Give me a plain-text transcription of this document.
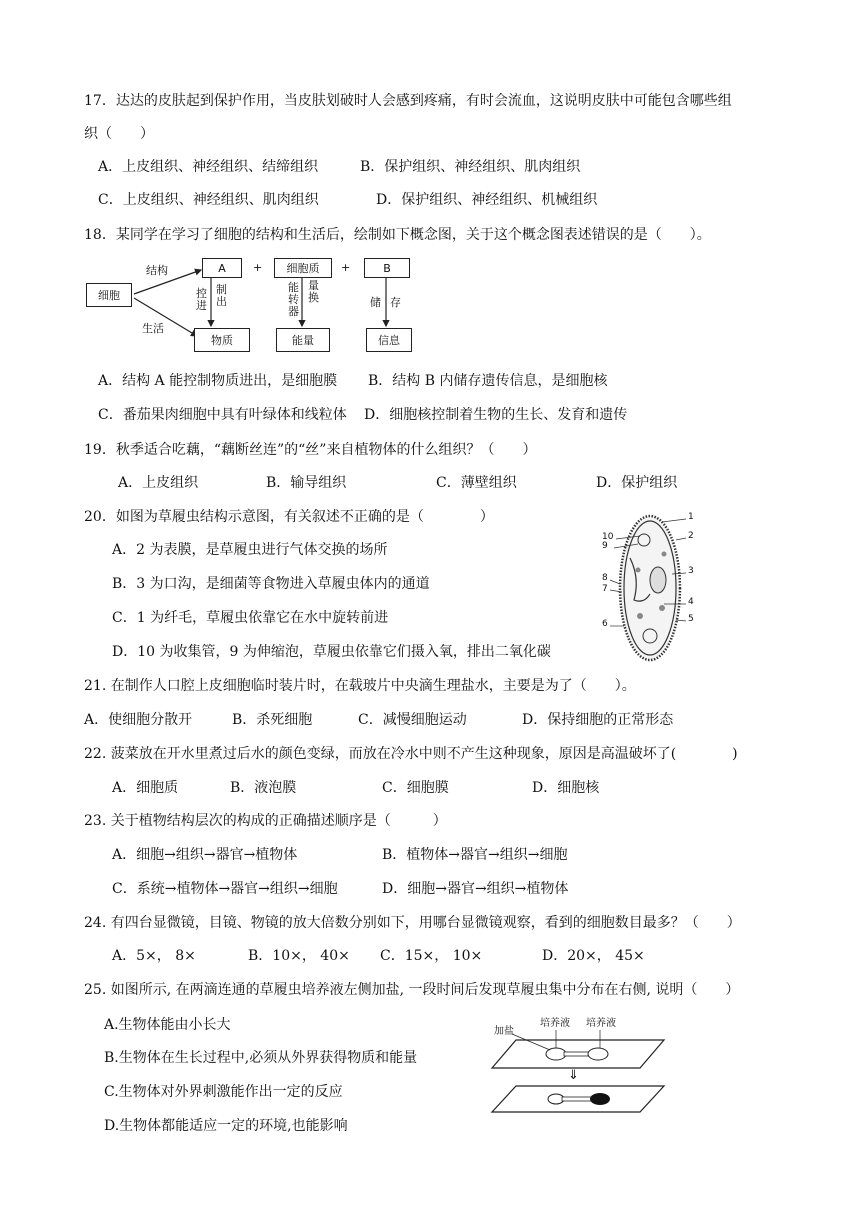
17．达达的皮肤起到保护作用，当皮肤划破时人会感到疼痛，有时会流血，这说明皮肤中可能包含哪些组
织（　　）
A．上皮组织、神经组织、结缔组织	B．保护组织、神经组织、肌肉组织
C．上皮组织、神经组织、肌肉组织	D．保护组织、神经组织、机械组织
18．某同学在学习了细胞的结构和生活后，绘制如下概念图，关于这个概念图表述错误的是（　　）。
细胞
结构
生活
A	+	细胞质	+	B
控进
制出
能转器
量换	储 存
物质	能量	信息
A．结构 A 能控制物质进出，是细胞膜 B．结构 B 内储存遗传信息，是细胞核
C．番茄果肉细胞中具有叶绿体和线粒体 D．细胞核控制着生物的生长、发育和遗传
19．秋季适合吃藕，“藕断丝连”的“丝”来自植物体的什么组织？（　　）
A．上皮组织	B．输导组织	C．薄壁组织	D．保护组织
20．如图为草履虫结构示意图，有关叙述不正确的是（　　　　）
A．2 为表膜，是草履虫进行气体交换的场所
B．3 为口沟，是细菌等食物进入草履虫体内的通道
C．1 为纤毛，草履虫依靠它在水中旋转前进
D．10 为收集管，9 为伸缩泡，草履虫依靠它们摄入氧，排出二氧化碳
1
2
3
4
5
6
7
8
9
10
21. 在制作人口腔上皮细胞临时装片时，在载玻片中央滴生理盐水，主要是为了（　　）。
A．使细胞分散开	B．杀死细胞	C．减慢细胞运动	D．保持细胞的正常形态
22. 菠菜放在开水里煮过后水的颜色变绿，而放在冷水中则不产生这种现象，原因是高温破坏了(　　　　)
A．细胞质	B．液泡膜	C．细胞膜	D．细胞核
23. 关于植物结构层次的构成的正确描述顺序是（　　　）
A．细胞→组织→器官→植物体	B．植物体→器官→组织→细胞
C．系统→植物体→器官→组织→细胞	D．细胞→器官→组织→植物体
24. 有四台显微镜，目镜、物镜的放大倍数分别如下，用哪台显微镜观察，看到的细胞数目最多？（　　）
A．5×， 8×	B．10×， 40× C．15×， 10×	D．20×， 45×
25. 如图所示, 在两滴连通的草履虫培养液左侧加盐, 一段时间后发现草履虫集中分布在右侧, 说明（　　）
A.生物体能由小长大
B.生物体在生长过程中,必须从外界获得物质和能量
C.生物体对外界刺激能作出一定的反应
D.生物体都能适应一定的环境,也能影响
加盐
培养液 培养液
⇓
